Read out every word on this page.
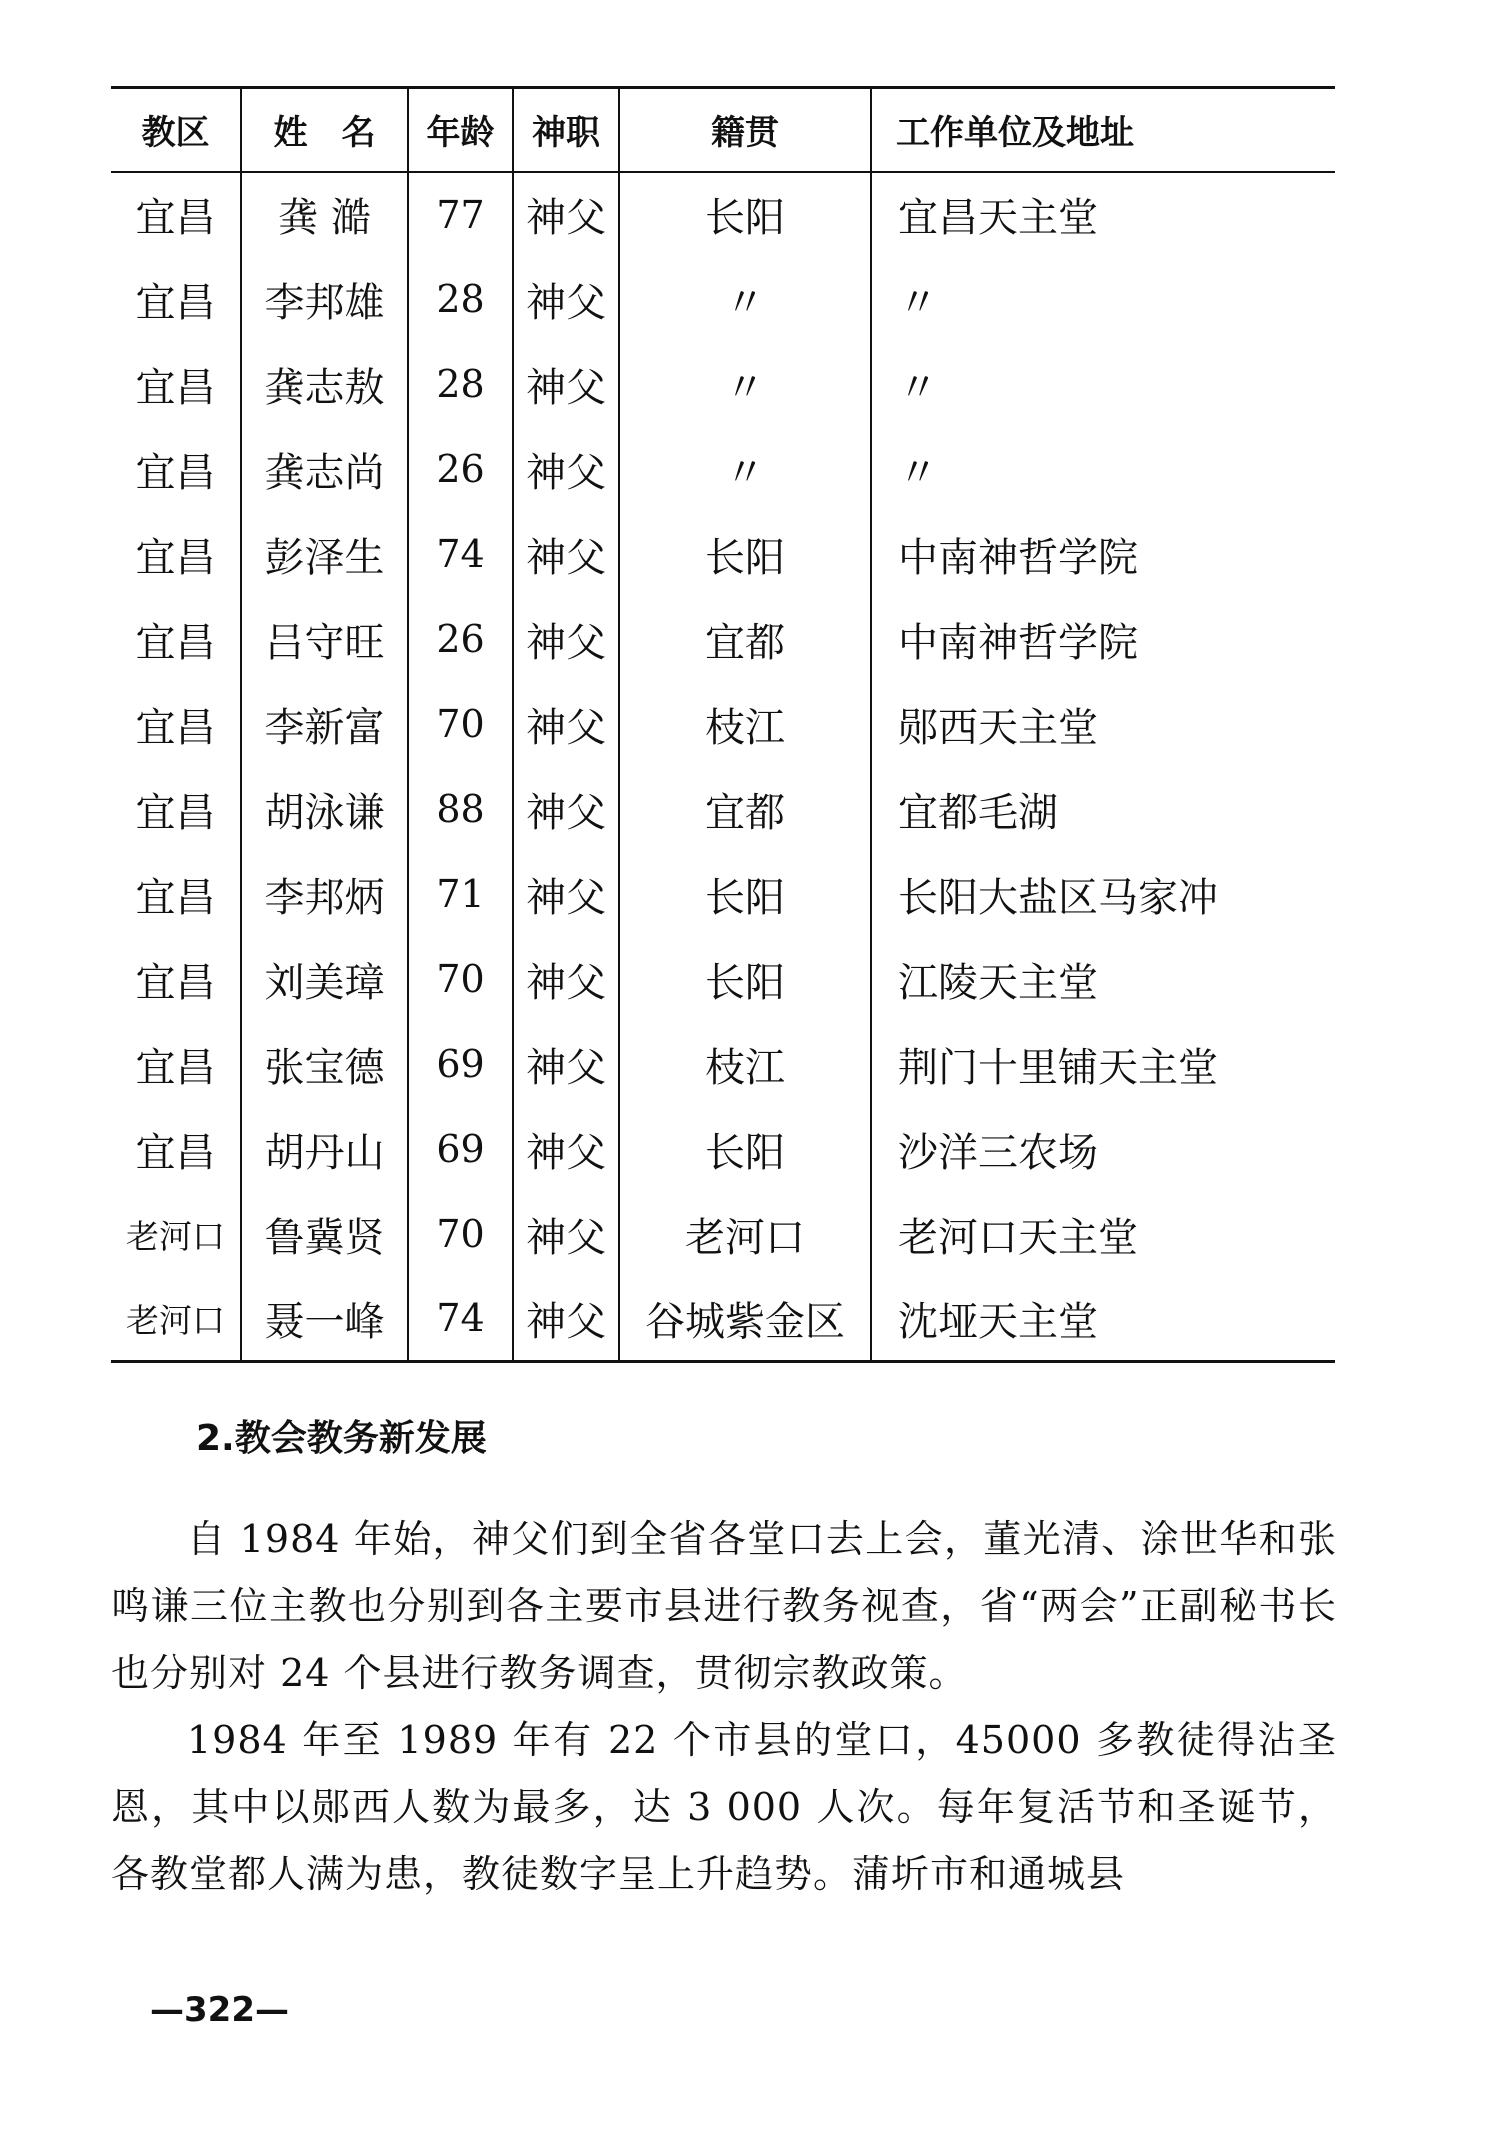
教区	姓　名	年龄	神职	籍贯	工作单位及地址
宜昌	龚 澔	77	神父	长阳	宜昌天主堂
宜昌	李邦雄	28	神父	〃	〃
宜昌	龚志敖	28	神父	〃	〃
宜昌	龚志尚	26	神父	〃	〃
宜昌	彭泽生	74	神父	长阳	中南神哲学院
宜昌	吕守旺	26	神父	宜都	中南神哲学院
宜昌	李新富	70	神父	枝江	郧西天主堂
宜昌	胡泳谦	88	神父	宜都	宜都毛湖
宜昌	李邦炳	71	神父	长阳	长阳大盐区马家冲
宜昌	刘美璋	70	神父	长阳	江陵天主堂
宜昌	张宝德	69	神父	枝江	荆门十里铺天主堂
宜昌	胡丹山	69	神父	长阳	沙洋三农场
老河口	鲁冀贤	70	神父	老河口	老河口天主堂
老河口	聂一峰	74	神父	谷城紫金区	沈垭天主堂
2.教会教务新发展

自 1984 年始，神父们到全省各堂口去上会，董光清、涂世华和张鸣谦三位主教也分别到各主要市县进行教务视查，省“两会”正副秘书长也分别对 24 个县进行教务调查，贯彻宗教政策。

1984 年至 1989 年有 22 个市县的堂口，45000 多教徒得沾圣恩，其中以郧西人数为最多，达 3 000 人次。每年复活节和圣诞节，各教堂都人满为患，教徒数字呈上升趋势。蒲圻市和通城县

—322—
